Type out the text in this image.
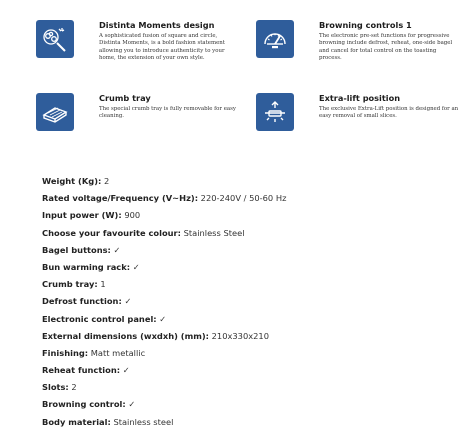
Distinta Moments design
A sophisticated fusion of square and circle, Distinta Moments, is a bold fashion statement allowing you to introduce authenticity to your home, the extension of your own style.
Browning controls 1
The electronic pre-set functions for progressive browning include defrost, reheat, one-side bagel and cancel for total control on the toasting process.
Crumb tray
The special crumb tray is fully removable for easy cleaning.
Extra-lift position
The exclusive Extra-Lift position is designed for an easy removal of small slices.
Weight (Kg): 2
Rated voltage/Frequency (V~Hz): 220-240V / 50-60 Hz
Input power (W): 900
Choose your favourite colour: Stainless Steel
Bagel buttons: ✓
Bun warming rack: ✓
Crumb tray: 1
Defrost function: ✓
Electronic control panel: ✓
External dimensions (wxdxh) (mm): 210x330x210
Finishing: Matt metallic
Reheat function: ✓
Slots: 2
Browning control: ✓
Body material: Stainless steel
